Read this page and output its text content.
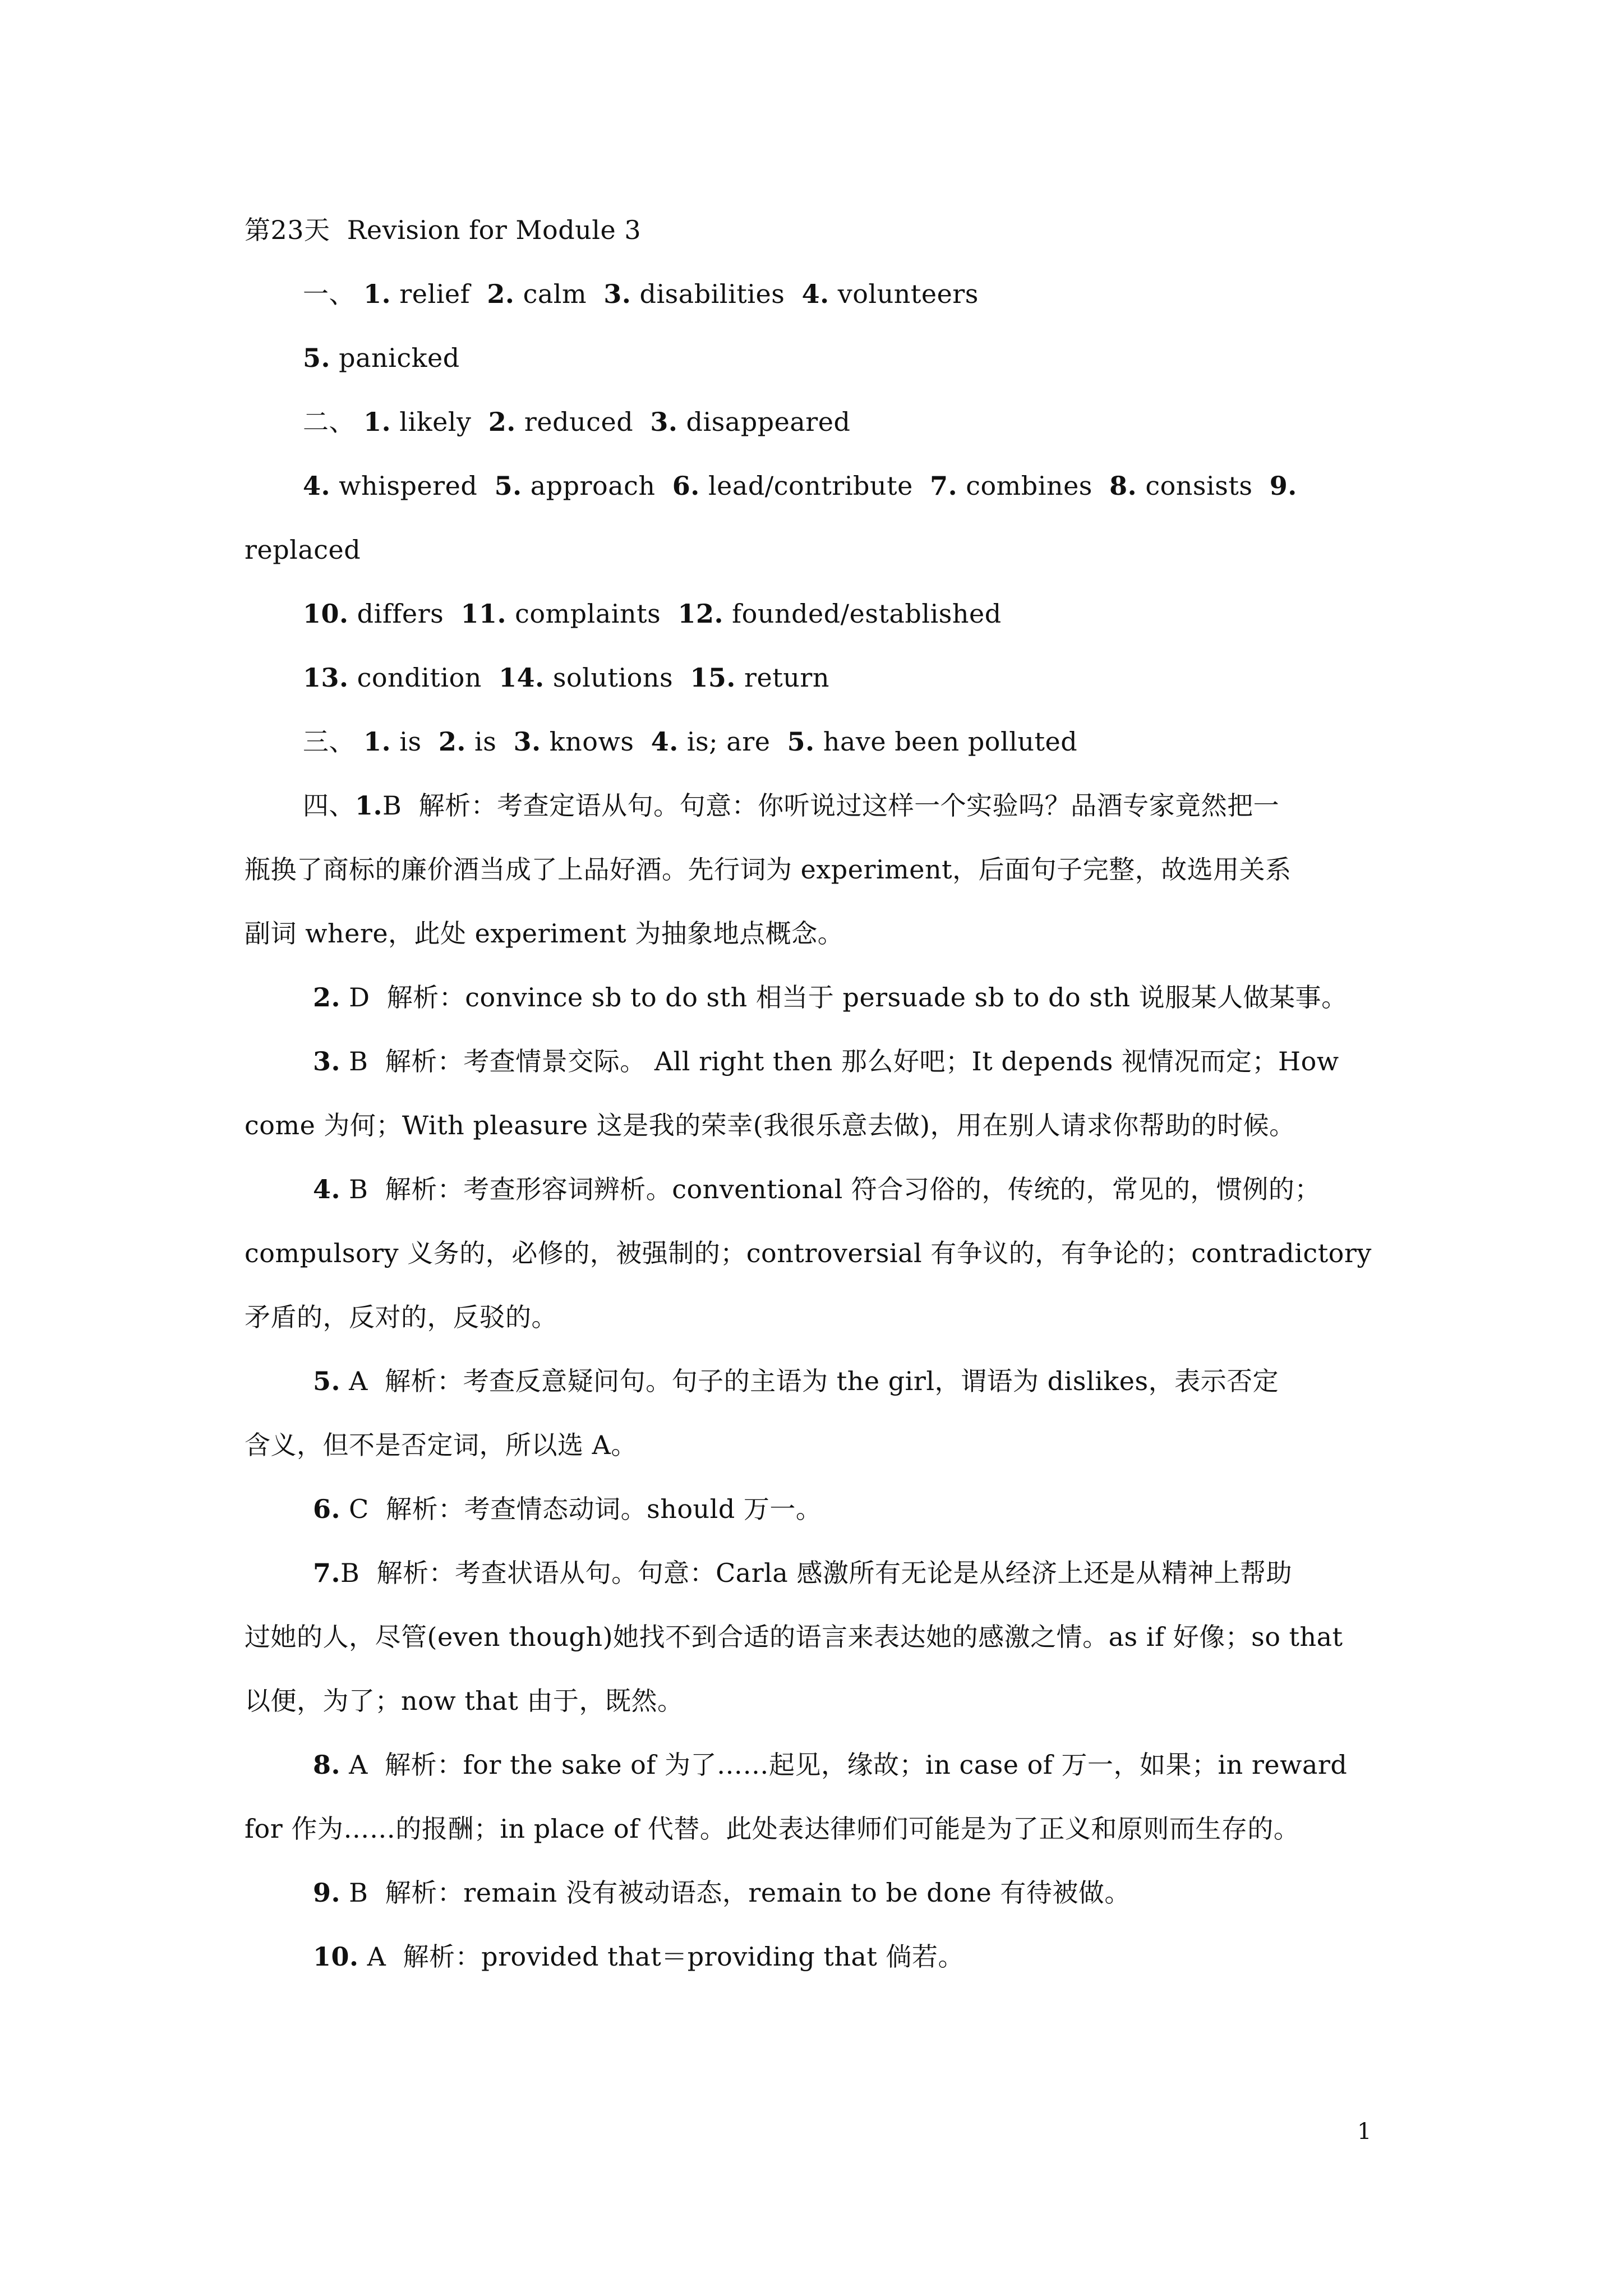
第23天  Revision for Module 3
一、 1. relief 2. calm 3. disabilities 4. volunteers
5. panicked
二、 1. likely 2. reduced 3. disappeared
4. whispered 5. approach 6. lead/contribute 7. combines 8. consists 9.
replaced
10. differs 11. complaints 12. founded/established
13. condition 14. solutions 15. return
三、 1. is 2. is 3. knows 4. is; are 5. have been polluted
四、1.B  解析：考查定语从句。句意：你听说过这样一个实验吗？品酒专家竟然把一
瓶换了商标的廉价酒当成了上品好酒。先行词为 experiment，后面句子完整，故选用关系
副词 where，此处 experiment 为抽象地点概念。
2. D  解析：convince sb to do sth 相当于 persuade sb to do sth 说服某人做某事。
3. B  解析：考查情景交际。 All right then 那么好吧；It depends 视情况而定；How
come 为何；With pleasure 这是我的荣幸(我很乐意去做)，用在别人请求你帮助的时候。
4. B  解析：考查形容词辨析。conventional 符合习俗的，传统的，常见的，惯例的；
compulsory 义务的，必修的，被强制的；controversial 有争议的，有争论的；contradictory
矛盾的，反对的，反驳的。
5. A  解析：考查反意疑问句。句子的主语为 the girl，谓语为 dislikes，表示否定
含义，但不是否定词，所以选 A。
6. C  解析：考查情态动词。should 万一。
7.B  解析：考查状语从句。句意：Carla 感激所有无论是从经济上还是从精神上帮助
过她的人，尽管(even though)她找不到合适的语言来表达她的感激之情。as if 好像；so that
以便，为了；now that 由于，既然。
8. A  解析：for the sake of 为了……起见，缘故；in case of 万一，如果；in reward
for 作为……的报酬；in place of 代替。此处表达律师们可能是为了正义和原则而生存的。
9. B  解析：remain 没有被动语态，remain to be done 有待被做。
10. A  解析：provided that＝providing that 倘若。
1
